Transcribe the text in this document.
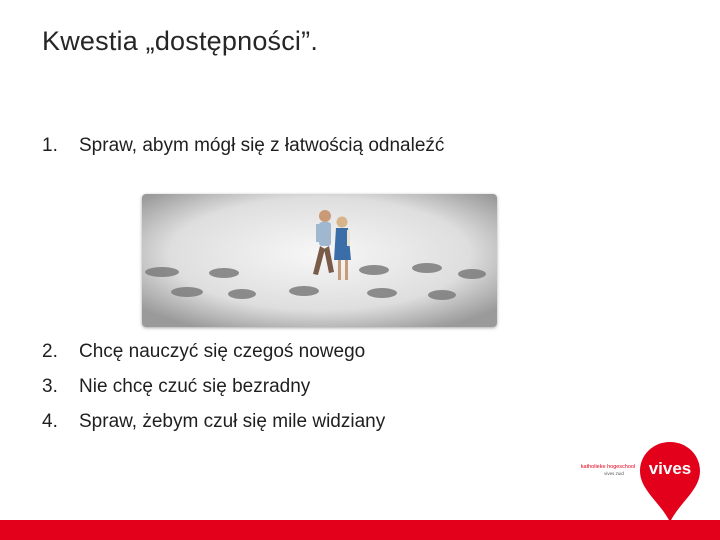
Kwestia „dostępności”.
1.	Spraw, abym mógł się z łatwością odnaleźć
2.	Chcę nauczyć się czegoś nowego
3.	Nie chcę czuć się bezradny
4.	Spraw, żebym czuł się mile widziany
vives
katholieke hogeschool
vives zuid
